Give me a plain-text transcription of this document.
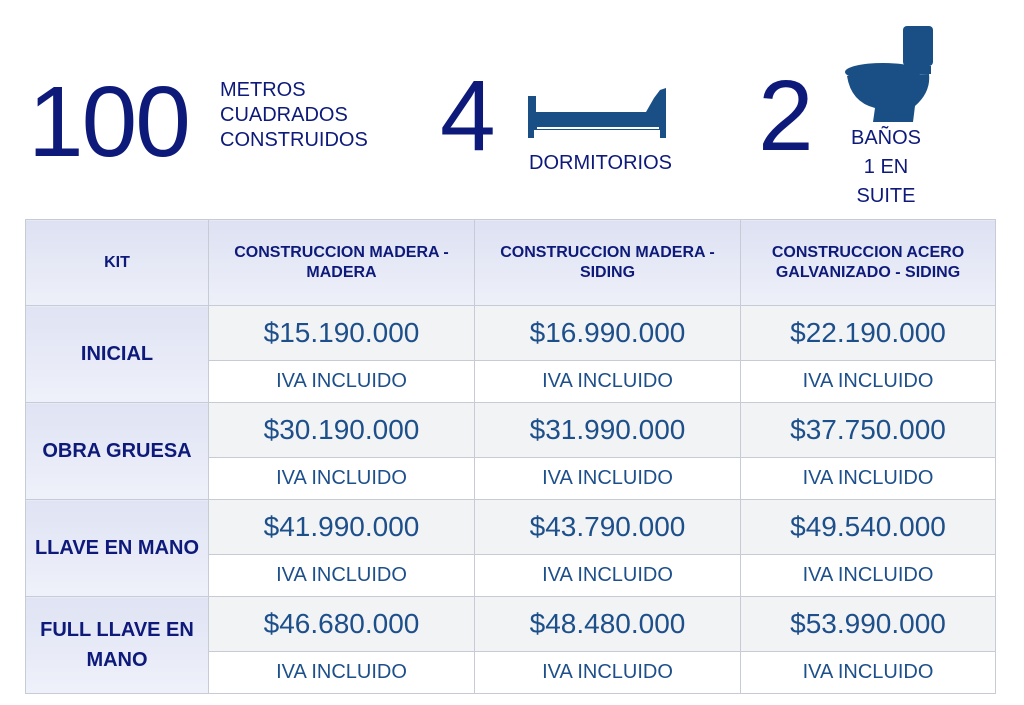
100 METROS
CUADRADOS
CONSTRUIDOS 4 DORMITORIOS 2	BAÑOS
1 EN
SUITE
KIT	CONSTRUCCION MADERA - MADERA	CONSTRUCCION MADERA - SIDING	CONSTRUCCION ACERO GALVANIZADO - SIDING
INICIAL	$15.190.000	$16.990.000	$22.190.000
	IVA INCLUIDO	IVA INCLUIDO	IVA INCLUIDO
OBRA GRUESA	$30.190.000	$31.990.000	$37.750.000
	IVA INCLUIDO	IVA INCLUIDO	IVA INCLUIDO
LLAVE EN MANO	$41.990.000	$43.790.000	$49.540.000
	IVA INCLUIDO	IVA INCLUIDO	IVA INCLUIDO
FULL LLAVE EN MANO	$46.680.000	$48.480.000	$53.990.000
	IVA INCLUIDO	IVA INCLUIDO	IVA INCLUIDO
